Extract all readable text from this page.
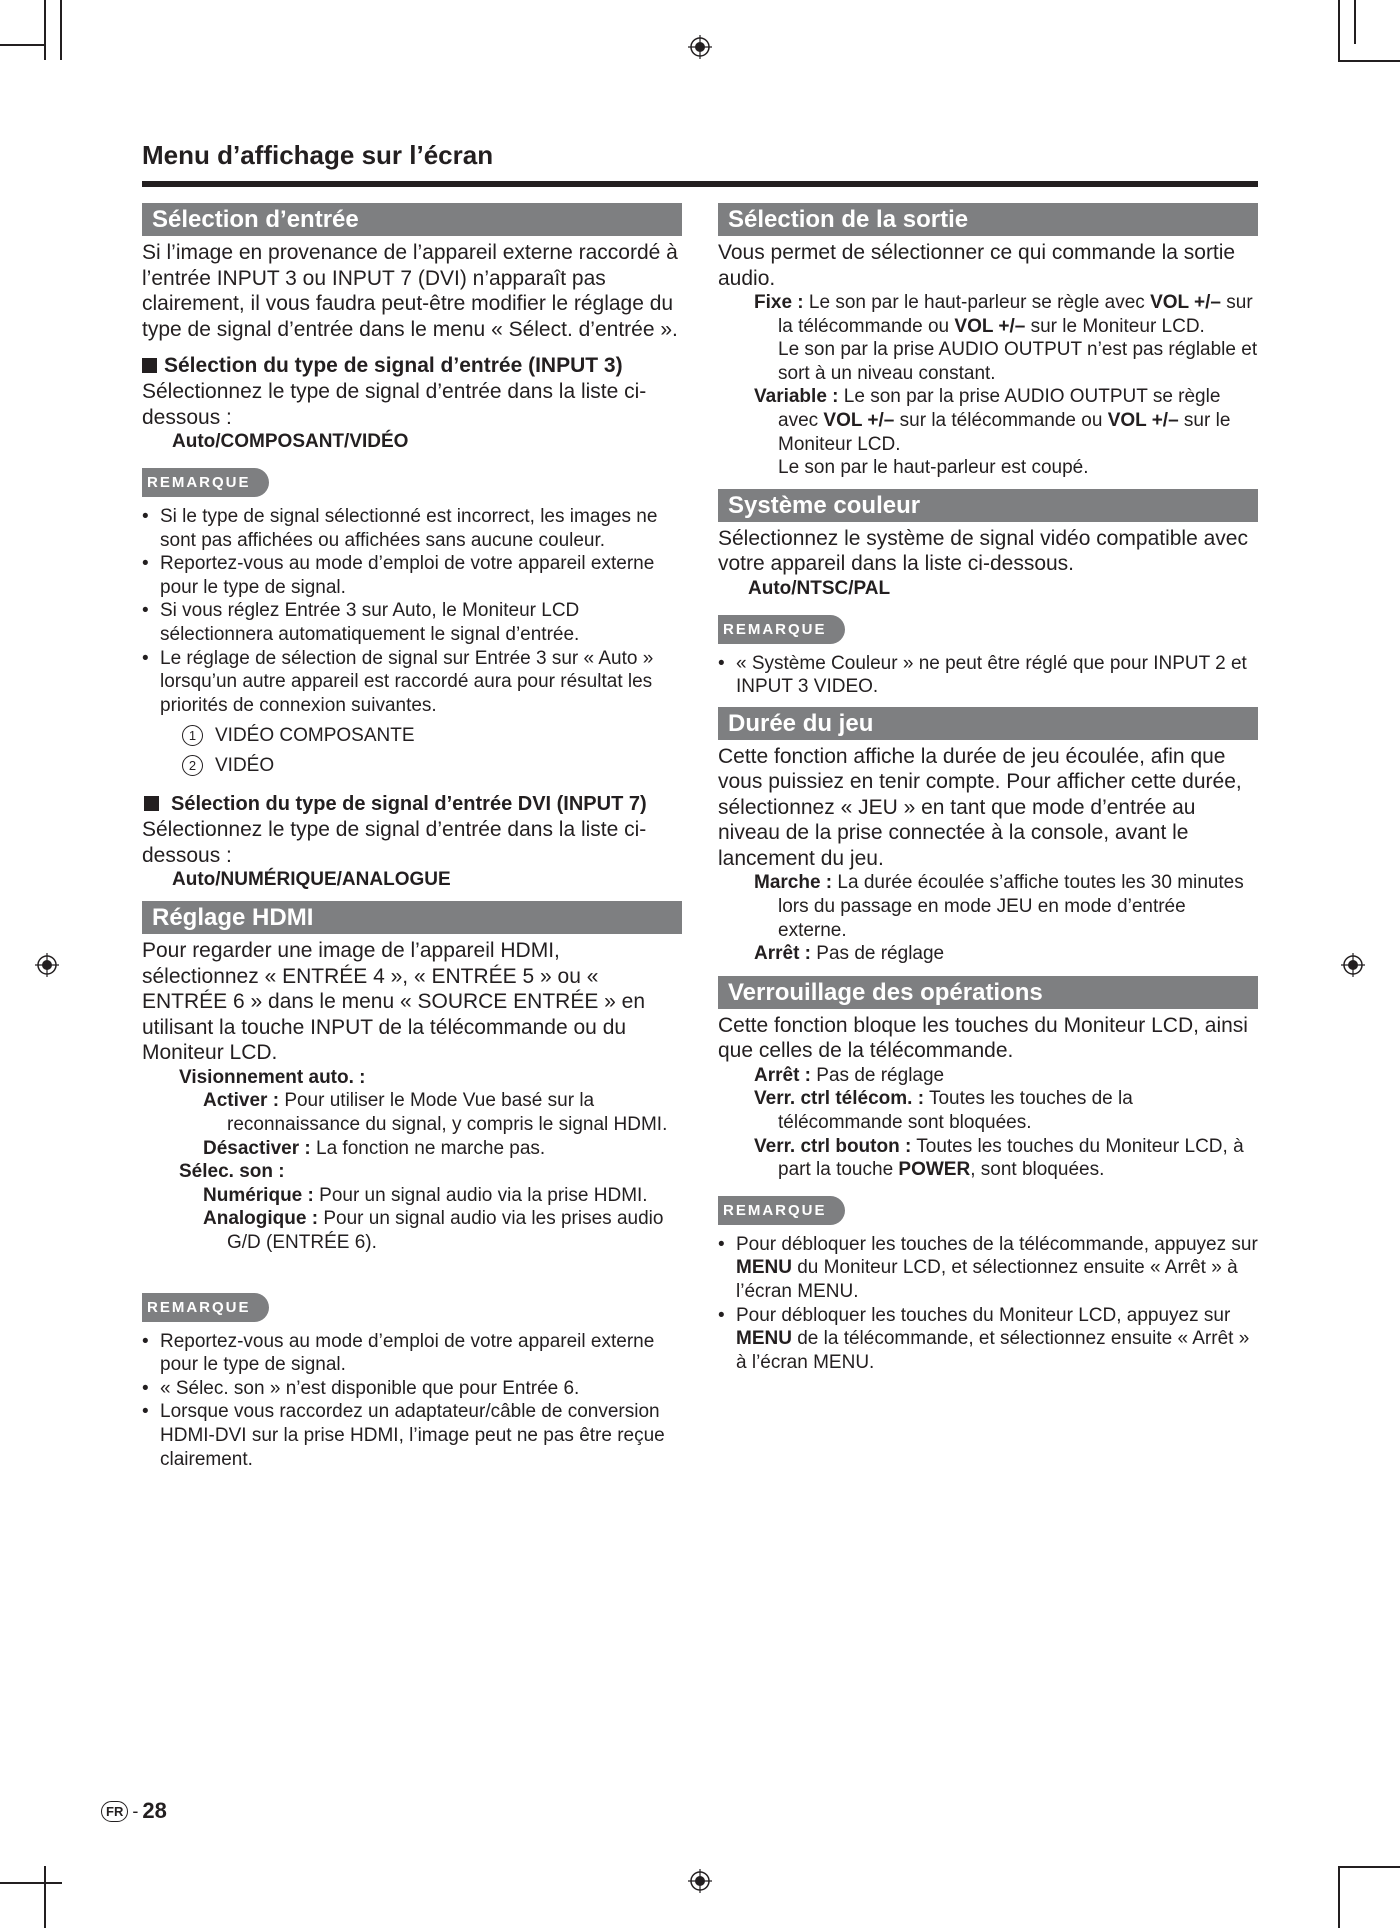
Menu d’affichage sur l’écran
Sélection d’entrée

Si l’image en provenance de l’appareil externe raccordé à l’entrée INPUT 3 ou INPUT 7 (DVI) n’apparaît pas clairement, il vous faudra peut-être modifier le réglage du type de signal d’entrée dans le menu « Sélect. d’entrée ».

Sélection du type de signal d’entrée (INPUT 3)

Sélectionnez le type de signal d’entrée dans la liste ci-dessous :

Auto/COMPOSANT/VIDÉO

REMARQUE
• Si le type de signal sélectionné est incorrect, les images ne sont pas affichées ou affichées sans aucune couleur.
• Reportez-vous au mode d’emploi de votre appareil externe pour le type de signal.
• Si vous réglez Entrée 3 sur Auto, le Moniteur LCD sélectionnera automatiquement le signal d’entrée.
• Le réglage de sélection de signal sur Entrée 3 sur « Auto » lorsqu’un autre appareil est raccordé aura pour résultat les priorités de connexion suivantes.
1 VIDÉO COMPOSANTE
2 VIDÉO

Sélection du type de signal d’entrée DVI (INPUT 7)

Sélectionnez le type de signal d’entrée dans la liste ci-dessous :

Auto/NUMÉRIQUE/ANALOGUE

Réglage HDMI

Pour regarder une image de l’appareil HDMI, sélectionnez « ENTRÉE 4 », « ENTRÉE 5 » ou « ENTRÉE 6 » dans le menu « SOURCE ENTRÉE » en utilisant la touche INPUT de la télécommande ou du Moniteur LCD.

Visionnement auto. :

Activer : Pour utiliser le Mode Vue basé sur la reconnaissance du signal, y compris le signal HDMI.

Désactiver : La fonction ne marche pas.

Sélec. son :

Numérique : Pour un signal audio via la prise HDMI.

Analogique : Pour un signal audio via les prises audio G/D (ENTRÉE 6).

REMARQUE
• Reportez-vous au mode d’emploi de votre appareil externe pour le type de signal.
• « Sélec. son » n’est disponible que pour Entrée 6.
• Lorsque vous raccordez un adaptateur/câble de conversion HDMI-DVI sur la prise HDMI, l’image peut ne pas être reçue clairement.
Sélection de la sortie

Vous permet de sélectionner ce qui commande la sortie audio.

Fixe : Le son par le haut-parleur se règle avec VOL +/– sur la télécommande ou VOL +/– sur le Moniteur LCD.
Le son par la prise AUDIO OUTPUT n’est pas réglable et sort à un niveau constant.

Variable : Le son par la prise AUDIO OUTPUT se règle avec VOL +/– sur la télécommande ou VOL +/– sur le Moniteur LCD.
Le son par le haut-parleur est coupé.

Système couleur

Sélectionnez le système de signal vidéo compatible avec votre appareil dans la liste ci-dessous.

Auto/NTSC/PAL

REMARQUE
• « Système Couleur » ne peut être réglé que pour INPUT 2 et INPUT 3 VIDEO.
Durée du jeu

Cette fonction affiche la durée de jeu écoulée, afin que vous puissiez en tenir compte. Pour afficher cette durée, sélectionnez « JEU » en tant que mode d’entrée au niveau de la prise connectée à la console, avant le lancement du jeu.

Marche : La durée écoulée s’affiche toutes les 30 minutes lors du passage en mode JEU en mode d’entrée externe.

Arrêt : Pas de réglage

Verrouillage des opérations

Cette fonction bloque les touches du Moniteur LCD, ainsi que celles de la télécommande.

Arrêt : Pas de réglage

Verr. ctrl télécom. : Toutes les touches de la télécommande sont bloquées.

Verr. ctrl bouton : Toutes les touches du Moniteur LCD, à part la touche POWER, sont bloquées.

REMARQUE
• Pour débloquer les touches de la télécommande, appuyez sur MENU du Moniteur LCD, et sélectionnez ensuite « Arrêt » à l’écran MENU.
• Pour débloquer les touches du Moniteur LCD, appuyez sur MENU de la télécommande, et sélectionnez ensuite « Arrêt » à l’écran MENU.
FR - 28
